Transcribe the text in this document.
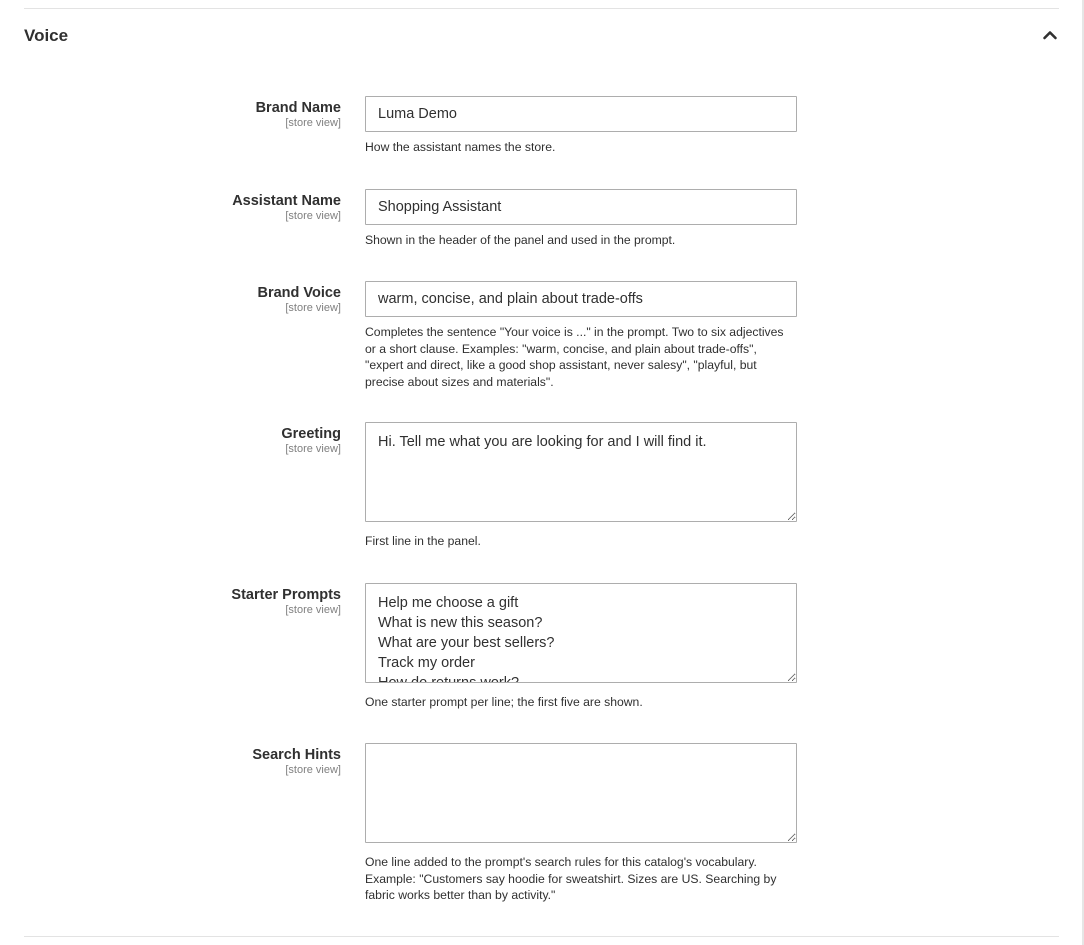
Voice
Brand Name
[store view]
Luma Demo
How the assistant names the store.
Assistant Name
[store view]
Shopping Assistant
Shown in the header of the panel and used in the prompt.
Brand Voice
[store view]
warm, concise, and plain about trade-offs
Completes the sentence "Your voice is ..." in the prompt. Two to six adjectives or a short clause. Examples: "warm, concise, and plain about trade-offs", "expert and direct, like a good shop assistant, never salesy", "playful, but precise about sizes and materials".
Greeting
[store view]
Hi. Tell me what you are looking for and I will find it.
First line in the panel.
Starter Prompts
[store view]
Help me choose a gift What is new this season? What are your best sellers? Track my order How do returns work?
One starter prompt per line; the first five are shown.
Search Hints
[store view]
One line added to the prompt's search rules for this catalog's vocabulary. Example: "Customers say hoodie for sweatshirt. Sizes are US. Searching by fabric works better than by activity."
